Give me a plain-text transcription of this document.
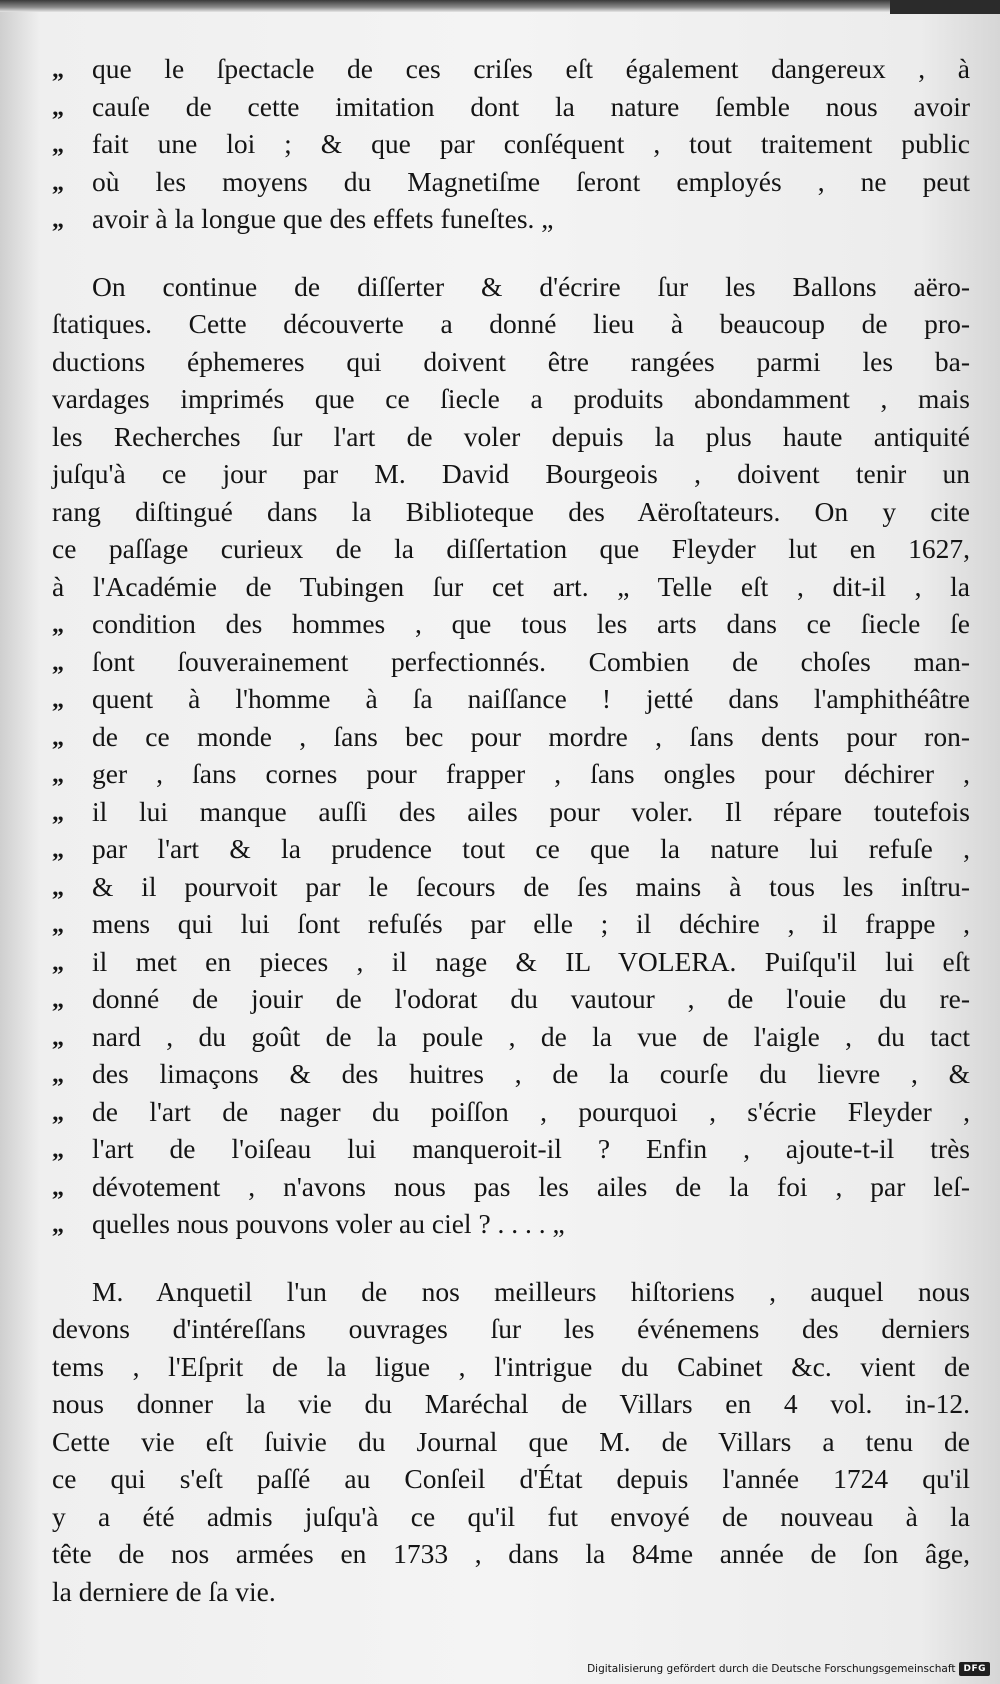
„	que le ſpectacle de ces criſes eſt également dangereux , à
„	cauſe de cette imitation dont la nature ſemble nous avoir
„	fait une loi ; & que par conſéquent , tout traitement public
„	où les moyens du Magnetiſme ſeront employés , ne peut
„	avoir à la longue que des effets funeſtes. „
On continue de diſſerter & d'écrire ſur les Ballons aëro-
ſtatiques. Cette découverte a donné lieu à beaucoup de pro-
ductions éphemeres qui doivent être rangées parmi les ba-
vardages imprimés que ce ſiecle a produits abondamment , mais
les Recherches ſur l'art de voler depuis la plus haute antiquité
juſqu'à ce jour par M. David Bourgeois , doivent tenir un
rang diſtingué dans la Biblioteque des Aëroſtateurs. On y cite
ce paſſage curieux de la diſſertation que Fleyder lut en 1627,
à l'Académie de Tubingen ſur cet art. „ Telle eſt , dit-il , la
„	condition des hommes , que tous les arts dans ce ſiecle ſe
„	ſont ſouverainement perfectionnés. Combien de choſes man-
„	quent à l'homme à ſa naiſſance ! jetté dans l'amphithéâtre
„	de ce monde , ſans bec pour mordre , ſans dents pour ron-
„	ger , ſans cornes pour frapper , ſans ongles pour déchirer ,
„	il lui manque auſſi des ailes pour voler. Il répare toutefois
„	par l'art & la prudence tout ce que la nature lui refuſe ,
„	& il pourvoit par le ſecours de ſes mains à tous les inſtru-
„	mens qui lui ſont refuſés par elle ; il déchire , il frappe ,
„	il met en pieces , il nage & IL VOLERA. Puiſqu'il lui eſt
„	donné de jouir de l'odorat du vautour , de l'ouie du re-
„	nard , du goût de la poule , de la vue de l'aigle , du tact
„	des limaçons & des huitres , de la courſe du lievre , &
„	de l'art de nager du poiſſon , pourquoi , s'écrie Fleyder ,
„	l'art de l'oiſeau lui manqueroit-il ? Enfin , ajoute-t-il très
„	dévotement , n'avons nous pas les ailes de la foi , par leſ-
„	quelles nous pouvons voler au ciel ? . . . . „
M. Anquetil l'un de nos meilleurs hiſtoriens , auquel nous
devons d'intéreſſans ouvrages ſur les événemens des derniers
tems , l'Eſprit de la ligue , l'intrigue du Cabinet &c. vient de
nous donner la vie du Maréchal de Villars en 4 vol. in-12.
Cette vie eſt ſuivie du Journal que M. de Villars a tenu de
ce qui s'eſt paſſé au Conſeil d'État depuis l'année 1724 qu'il
y a été admis juſqu'à ce qu'il fut envoyé de nouveau à la
tête de nos armées en 1733 , dans la 84me année de ſon âge,
la derniere de ſa vie.
Digitalisierung gefördert durch die Deutsche Forschungsgemeinschaft DFG
